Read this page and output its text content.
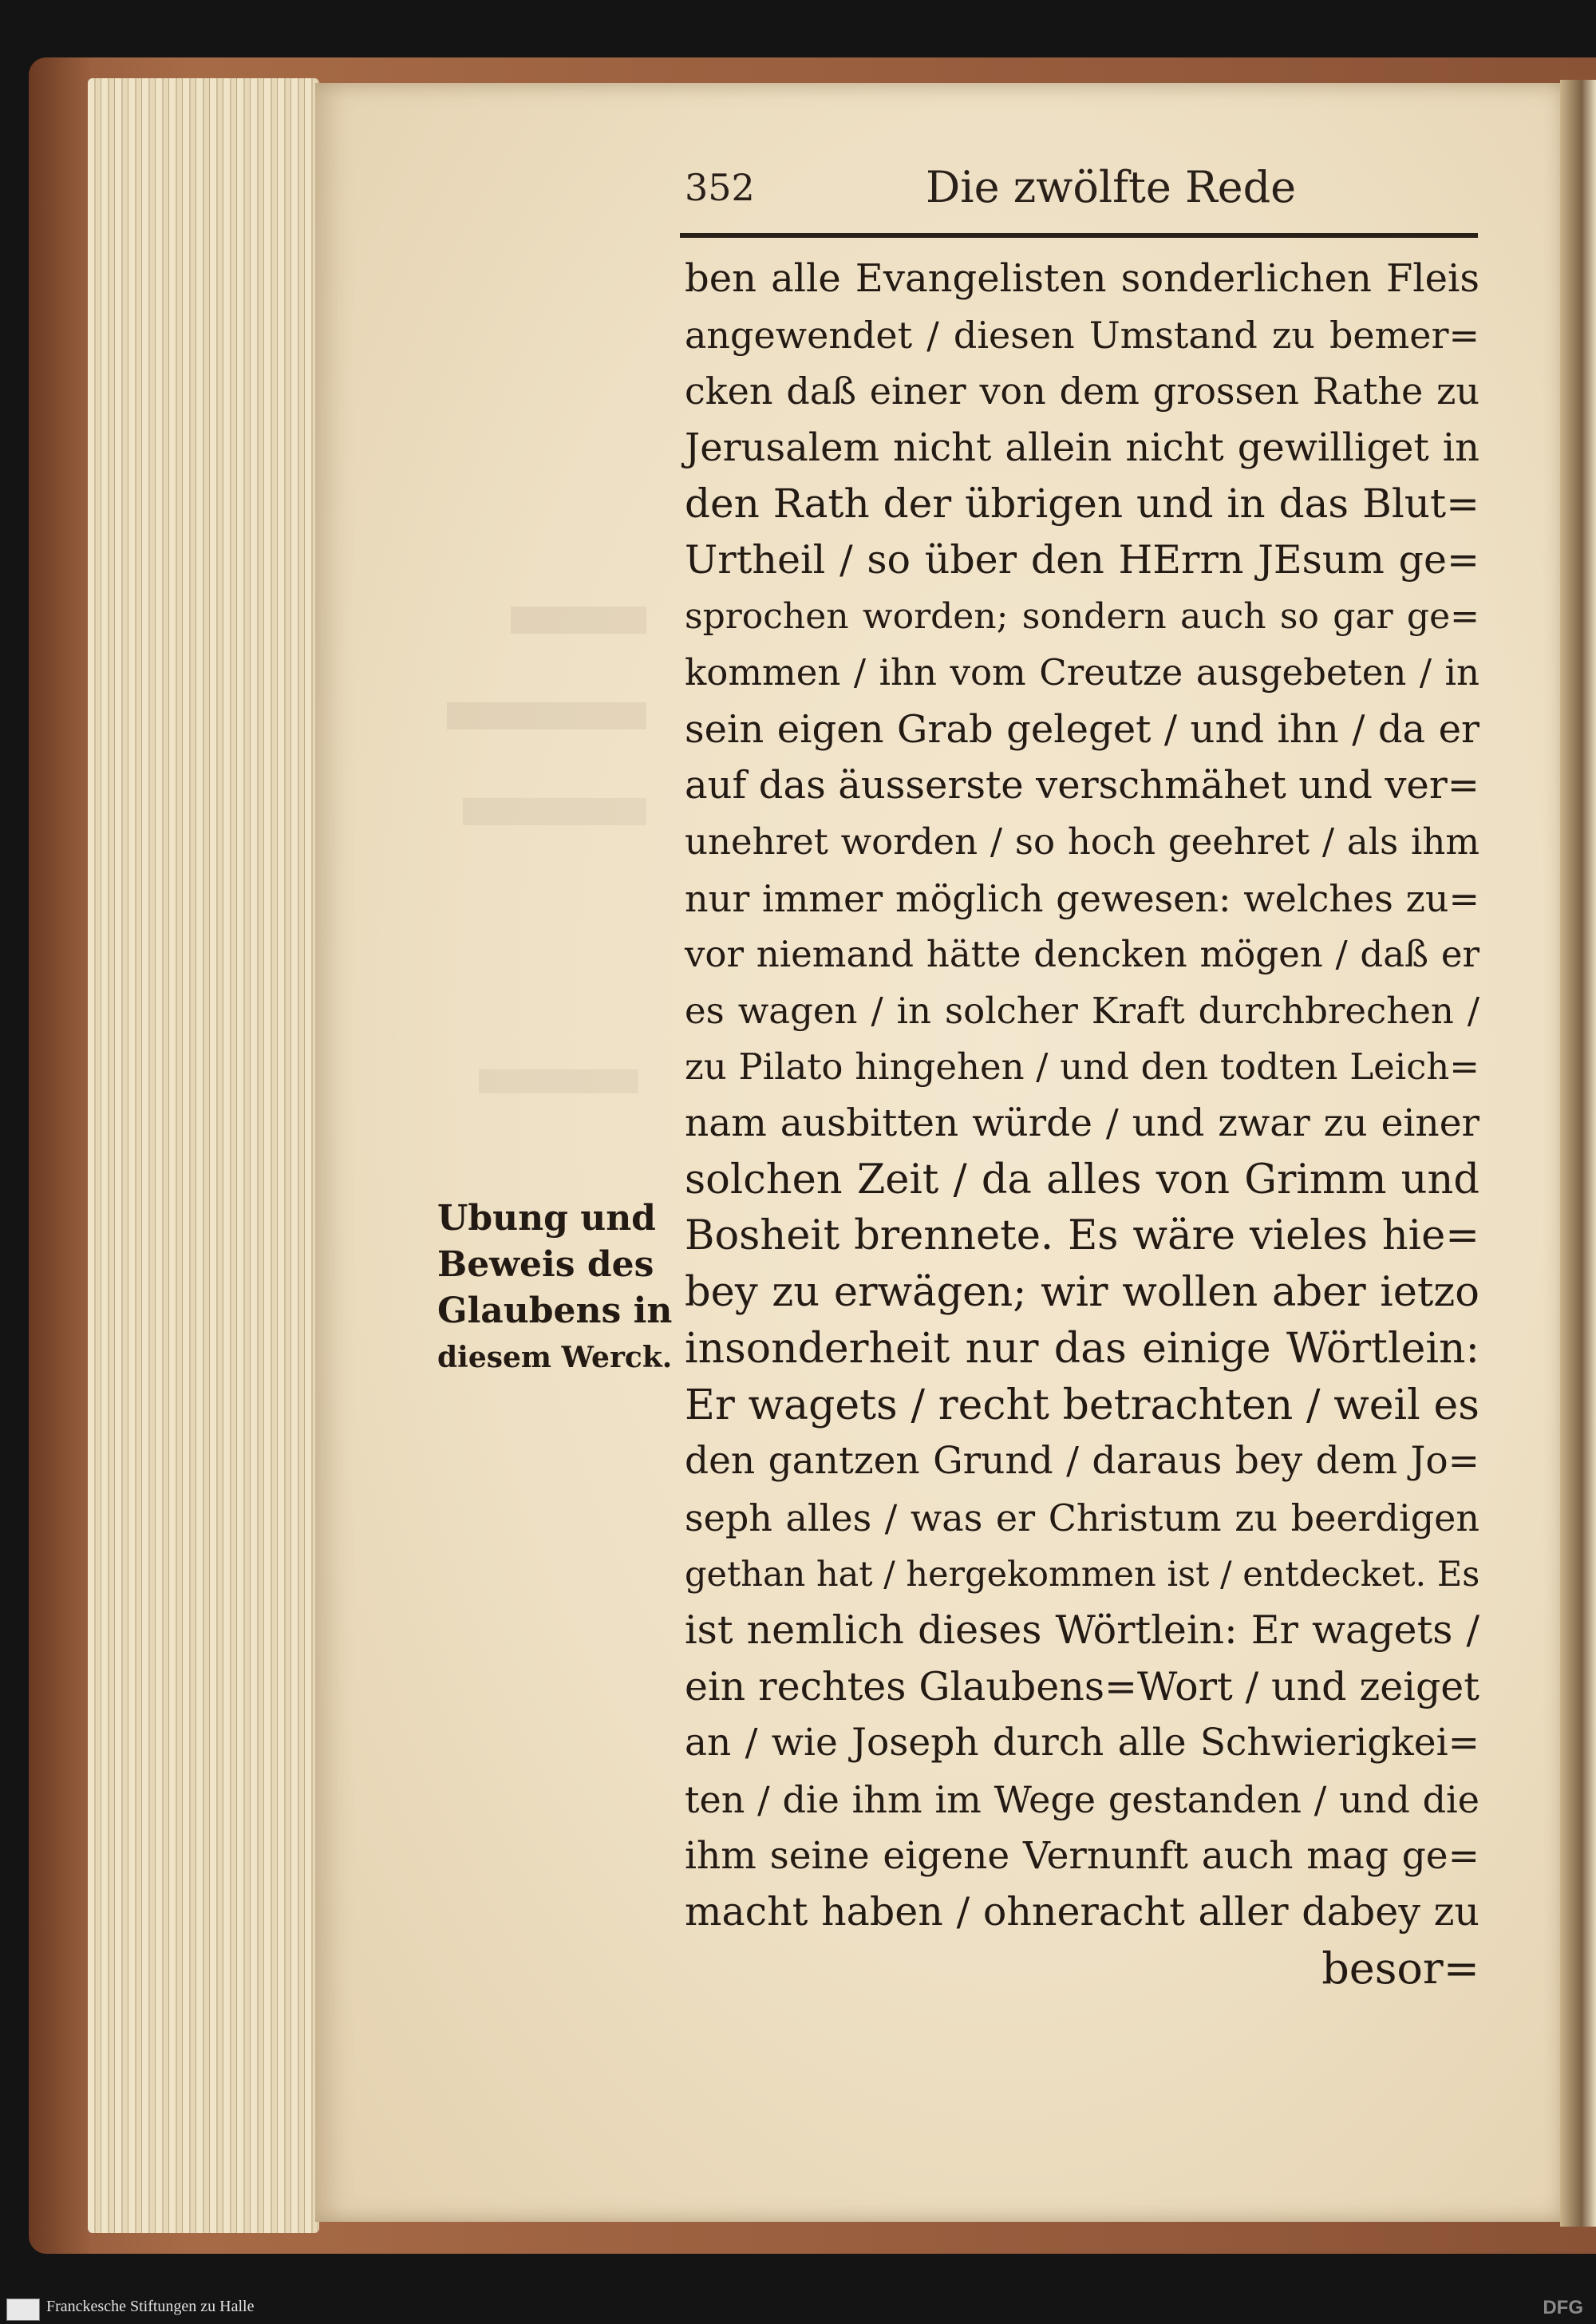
352	Die zwölfte Rede
ben alle Evangelisten sonderlichen Fleis
angewendet / diesen Umstand zu bemer=
cken daß einer von dem grossen Rathe zu
Jerusalem nicht allein nicht gewilliget in
den Rath der übrigen und in das Blut=
Urtheil / so über den HErrn JEsum ge=
sprochen worden; sondern auch so gar ge=
kommen / ihn vom Creutze ausgebeten / in
sein eigen Grab geleget / und ihn / da er
auf das äusserste verschmähet und ver=
unehret worden / so hoch geehret / als ihm
nur immer möglich gewesen: welches zu=
vor niemand hätte dencken mögen / daß er
es wagen / in solcher Kraft durchbrechen /
zu Pilato hingehen / und den todten Leich=
nam ausbitten würde / und zwar zu einer
solchen Zeit / da alles von Grimm und
Bosheit brennete. Es wäre vieles hie=
bey zu erwägen; wir wollen aber ietzo
insonderheit nur das einige Wörtlein:
Er wagets / recht betrachten / weil es
den gantzen Grund / daraus bey dem Jo=
seph alles / was er Christum zu beerdigen
gethan hat / hergekommen ist / entdecket. Es
ist nemlich dieses Wörtlein: Er wagets /
ein rechtes Glaubens=Wort / und zeiget
an / wie Joseph durch alle Schwierigkei=
ten / die ihm im Wege gestanden / und die
ihm seine eigene Vernunft auch mag ge=
macht haben / ohneracht aller dabey zu
besor=
Ubung und
Beweis des
Glaubens in
diesem Werck.
Franckesche Stiftungen zu Halle	DFG
